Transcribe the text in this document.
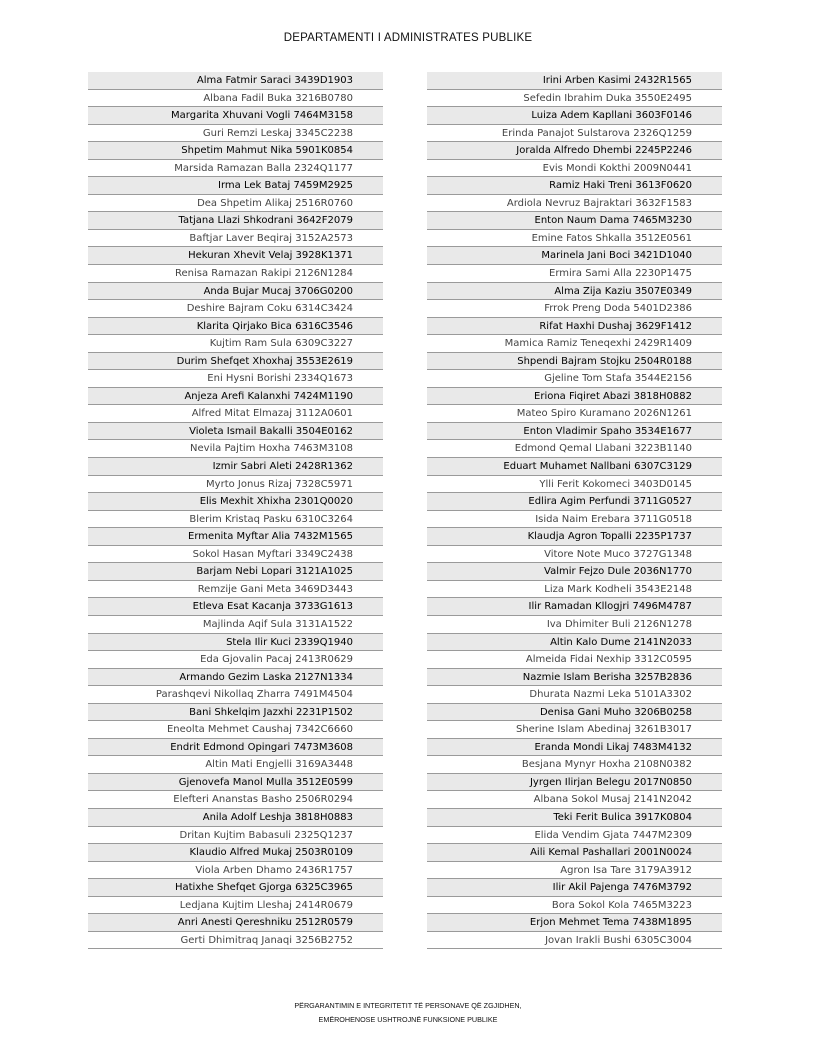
DEPARTAMENTI I ADMINISTRATES PUBLIKE
Alma Fatmir Saraci 3439D1903
Albana Fadil Buka 3216B0780
Margarita Xhuvani Vogli 7464M3158
Guri Remzi Leskaj 3345C2238
Shpetim Mahmut Nika 5901K0854
Marsida Ramazan Balla 2324Q1177
Irma Lek Bataj 7459M2925
Dea Shpetim Alikaj 2516R0760
Tatjana Llazi Shkodrani 3642F2079
Baftjar Laver Beqiraj 3152A2573
Hekuran Xhevit Velaj 3928K1371
Renisa Ramazan Rakipi 2126N1284
Anda Bujar Mucaj 3706G0200
Deshire Bajram Coku 6314C3424
Klarita Qirjako Bica 6316C3546
Kujtim Ram Sula 6309C3227
Durim Shefqet Xhoxhaj 3553E2619
Eni Hysni Borishi 2334Q1673
Anjeza Arefi Kalanxhi 7424M1190
Alfred Mitat Elmazaj 3112A0601
Violeta Ismail Bakalli 3504E0162
Nevila Pajtim Hoxha 7463M3108
Izmir Sabri Aleti 2428R1362
Myrto Jonus Rizaj 7328C5971
Elis Mexhit Xhixha 2301Q0020
Blerim Kristaq Pasku 6310C3264
Ermenita Myftar Alia 7432M1565
Sokol Hasan Myftari 3349C2438
Barjam Nebi Lopari 3121A1025
Remzije Gani Meta 3469D3443
Etleva Esat Kacanja 3733G1613
Majlinda Aqif Sula 3131A1522
Stela Ilir Kuci 2339Q1940
Eda Gjovalin Pacaj 2413R0629
Armando Gezim Laska 2127N1334
Parashqevi Nikollaq Zharra 7491M4504
Bani Shkelqim Jazxhi 2231P1502
Eneolta Mehmet Caushaj 7342C6660
Endrit Edmond Opingari 7473M3608
Altin Mati Engjelli 3169A3448
Gjenovefa Manol Mulla 3512E0599
Elefteri Ananstas Basho 2506R0294
Anila Adolf Leshja 3818H0883
Dritan Kujtim Babasuli 2325Q1237
Klaudio Alfred Mukaj 2503R0109
Viola Arben Dhamo 2436R1757
Hatixhe Shefqet Gjorga 6325C3965
Ledjana Kujtim Lleshaj 2414R0679
Anri Anesti Qereshniku 2512R0579
Gerti Dhimitraq Janaqi 3256B2752
Irini Arben Kasimi 2432R1565
Sefedin Ibrahim Duka 3550E2495
Luiza Adem Kapllani 3603F0146
Erinda Panajot Sulstarova 2326Q1259
Joralda Alfredo Dhembi 2245P2246
Evis Mondi Kokthi 2009N0441
Ramiz Haki Treni 3613F0620
Ardiola Nevruz Bajraktari 3632F1583
Enton Naum Dama 7465M3230
Emine Fatos Shkalla 3512E0561
Marinela Jani Boci 3421D1040
Ermira Sami Alla 2230P1475
Alma Zija Kaziu 3507E0349
Frrok Preng Doda 5401D2386
Rifat Haxhi Dushaj 3629F1412
Mamica Ramiz Teneqexhi 2429R1409
Shpendi Bajram Stojku 2504R0188
Gjeline Tom Stafa 3544E2156
Eriona Fiqiret Abazi 3818H0882
Mateo Spiro Kuramano 2026N1261
Enton Vladimir Spaho 3534E1677
Edmond Qemal Llabani 3223B1140
Eduart Muhamet Nallbani 6307C3129
Ylli Ferit Kokomeci 3403D0145
Edlira Agim Perfundi 3711G0527
Isida Naim Erebara 3711G0518
Klaudja Agron Topalli 2235P1737
Vitore Note Muco 3727G1348
Valmir Fejzo Dule 2036N1770
Liza Mark Kodheli 3543E2148
Ilir Ramadan Kllogjri 7496M4787
Iva Dhimiter Buli 2126N1278
Altin Kalo Dume 2141N2033
Almeida Fidai Nexhip 3312C0595
Nazmie Islam Berisha 3257B2836
Dhurata Nazmi Leka 5101A3302
Denisa Gani Muho 3206B0258
Sherine Islam Abedinaj 3261B3017
Eranda Mondi Likaj 7483M4132
Besjana Mynyr Hoxha 2108N0382
Jyrgen Ilirjan Belegu 2017N0850
Albana Sokol Musaj 2141N2042
Teki Ferit Bulica 3917K0804
Elida Vendim Gjata 7447M2309
Aili Kemal Pashallari 2001N0024
Agron Isa Tare 3179A3912
Ilir Akil Pajenga 7476M3792
Bora Sokol Kola 7465M3223
Erjon Mehmet Tema 7438M1895
Jovan Irakli Bushi 6305C3004
PËRGARANTIMIN E INTEGRITETIT TË PERSONAVE QË ZGJIDHEN,
EMËROHENOSE USHTROJNË FUNKSIONE PUBLIKE
